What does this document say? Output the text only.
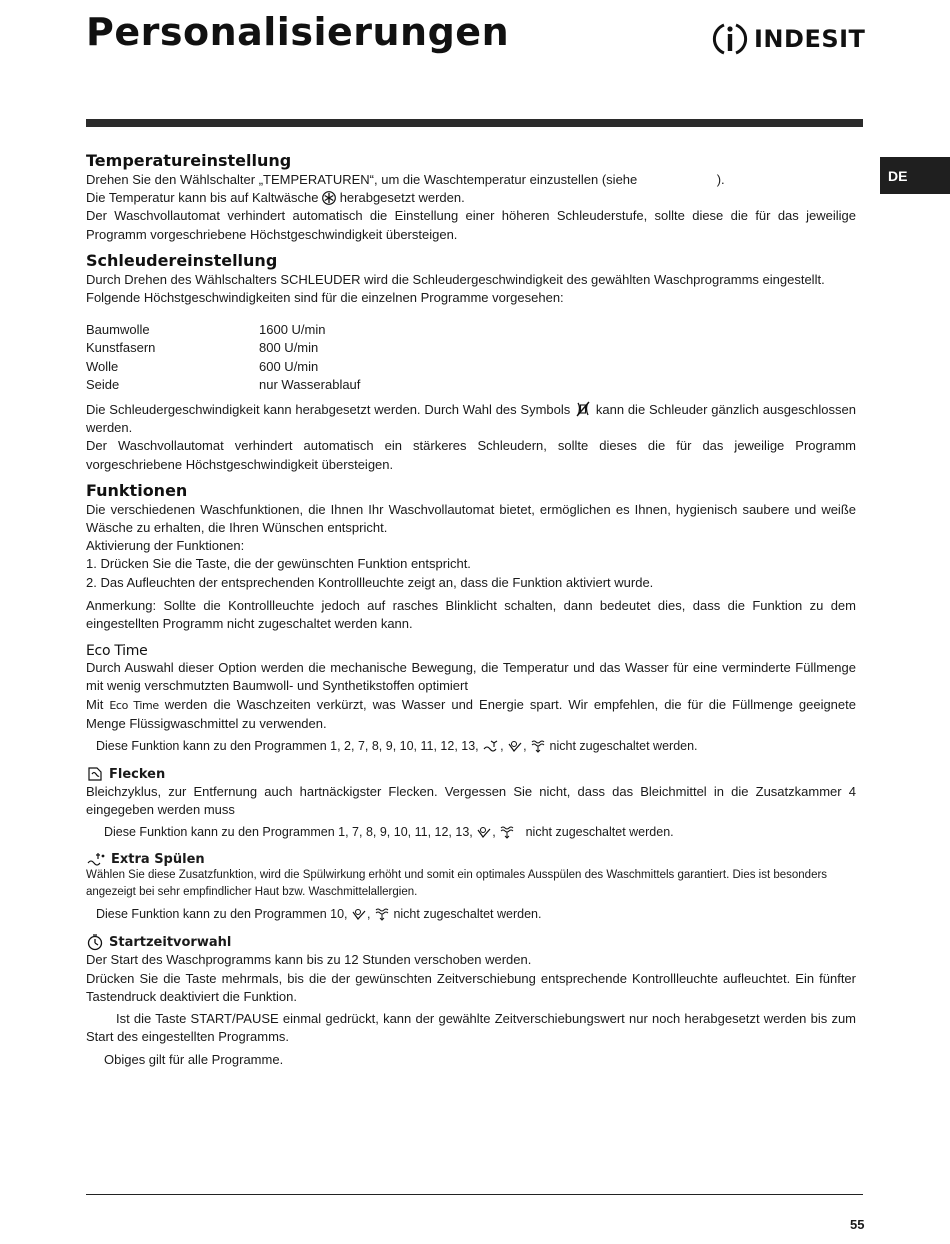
Personalisierungen	INDESIT
DE
Temperatureinstellung

Drehen Sie den Wählschalter „TEMPERATUREN“, um die Waschtemperatur einzustellen (siehe                      ).

Die Temperatur kann bis auf Kaltwäsche herabgesetzt werden.

Der Waschvollautomat verhindert automatisch die Einstellung einer höheren Schleuderstufe, sollte diese die für das jeweilige Programm vorgeschriebene Höchstgeschwindigkeit übersteigen.

Schleudereinstellung

Durch Drehen des Wählschalters SCHLEUDER wird die Schleudergeschwindigkeit des gewählten Waschprogramms eingestellt.

Folgende Höchstgeschwindigkeiten sind für die einzelnen Programme vorgesehen:

Baumwolle	1600 U/min
Kunstfasern	800 U/min
Wolle	600 U/min
Seide	nur Wasserablauf

Die Schleudergeschwindigkeit kann herabgesetzt werden. Durch Wahl des Symbols kann die Schleuder gänzlich ausgeschlossen werden.

Der Waschvollautomat verhindert automatisch ein stärkeres Schleudern, sollte dieses die für das jeweilige Programm vorgeschriebene Höchstgeschwindigkeit übersteigen.

Funktionen

Die verschiedenen Waschfunktionen, die Ihnen Ihr Waschvollautomat bietet, ermöglichen es Ihnen, hygienisch saubere und weiße Wäsche zu erhalten, die Ihren Wünschen entspricht.

Aktivierung der Funktionen:

1. Drücken Sie die Taste, die der gewünschten Funktion entspricht.

2. Das Aufleuchten der entsprechenden Kontrollleuchte zeigt an, dass die Funktion aktiviert wurde.

Anmerkung: Sollte die Kontrollleuchte jedoch auf rasches Blinklicht schalten, dann bedeutet dies, dass die Funktion zu dem eingestellten Programm nicht zugeschaltet werden kann.

Eco Time

Durch Auswahl dieser Option werden die mechanische Bewegung, die Temperatur und das Wasser für eine verminderte Füllmenge mit wenig verschmutzten Baumwoll- und Synthetikstoffen optimiert

Mit Eco Time werden die Waschzeiten verkürzt, was Wasser und Energie spart. Wir empfehlen, die für die Füllmenge geeignete Menge Flüssigwaschmittel zu verwenden.

Diese Funktion kann zu den Programmen 1, 2, 7, 8, 9, 10, 11, 12, 13, , ,  nicht zugeschaltet werden.

Flecken

Bleichzyklus, zur Entfernung auch hartnäckigster Flecken. Vergessen Sie nicht, dass das Bleichmittel in die Zusatzkammer 4 eingegeben werden muss

Diese Funktion kann zu den Programmen 1, 7, 8, 9, 10, 11, 12, 13, ,    nicht zugeschaltet werden.

Extra Spülen

Wählen Sie diese Zusatzfunktion, wird die Spülwirkung erhöht und somit ein optimales Ausspülen des Waschmittels garantiert. Dies ist besonders angezeigt bei sehr empfindlicher Haut bzw. Waschmittelallergien.

Diese Funktion kann zu den Programmen 10, ,  nicht zugeschaltet werden.

Startzeitvorwahl

Der Start des Waschprogramms kann bis zu 12 Stunden verschoben werden.

Drücken Sie die Taste mehrmals, bis die der gewünschten Zeitverschiebung entsprechende Kontrollleuchte aufleuchtet. Ein fünfter Tastendruck deaktiviert die Funktion.

Ist die Taste START/PAUSE einmal gedrückt, kann der gewählte Zeitverschiebungswert nur noch herabgesetzt werden bis zum Start des eingestellten Programms.

Obiges gilt für alle Programme.

55
